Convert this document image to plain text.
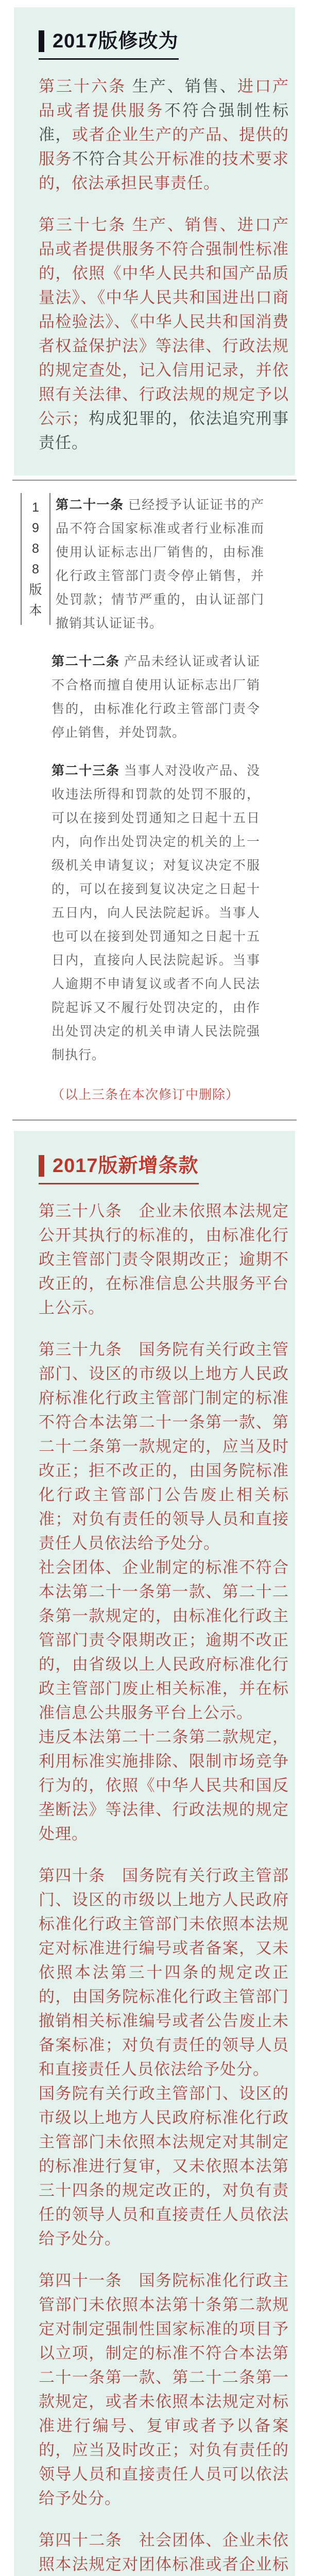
2017版修改为

第三十六条 生产、销售、进口产品或者提供服务不符合强制性标准，或者企业生产的产品、提供的服务不符合其公开标准的技术要求的，依法承担民事责任。

第三十七条 生产、销售、进口产品或者提供服务不符合强制性标准的，依照《中华人民共和国产品质量法》、《中华人民共和国进出口商品检验法》、《中华人民共和国消费者权益保护法》等法律、行政法规的规定查处，记入信用记录，并依照有关法律、行政法规的规定予以公示；构成犯罪的，依法追究刑事责任。

1
9
8
8
版
本

第二十一条 已经授予认证证书的产品不符合国家标准或者行业标准而使用认证标志出厂销售的，由标准化行政主管部门责令停止销售，并处罚款；情节严重的，由认证部门撤销其认证证书。

第二十二条 产品未经认证或者认证不合格而擅自使用认证标志出厂销售的，由标准化行政主管部门责令停止销售，并处罚款。

第二十三条 当事人对没收产品、没收违法所得和罚款的处罚不服的，可以在接到处罚通知之日起十五日内，向作出处罚决定的机关的上一级机关申请复议；对复议决定不服的，可以在接到复议决定之日起十五日内，向人民法院起诉。当事人也可以在接到处罚通知之日起十五日内，直接向人民法院起诉。当事人逾期不申请复议或者不向人民法院起诉又不履行处罚决定的，由作出处罚决定的机关申请人民法院强制执行。

（以上三条在本次修订中删除）

2017版新增条款

第三十八条　企业未依照本法规定公开其执行的标准的，由标准化行政主管部门责令限期改正；逾期不改正的，在标准信息公共服务平台上公示。

第三十九条　国务院有关行政主管部门、设区的市级以上地方人民政府标准化行政主管部门制定的标准不符合本法第二十一条第一款、第二十二条第一款规定的，应当及时改正；拒不改正的，由国务院标准化行政主管部门公告废止相关标准；对负有责任的领导人员和直接责任人员依法给予处分。

社会团体、企业制定的标准不符合本法第二十一条第一款、第二十二条第一款规定的，由标准化行政主管部门责令限期改正；逾期不改正的，由省级以上人民政府标准化行政主管部门废止相关标准，并在标准信息公共服务平台上公示。

违反本法第二十二条第二款规定，利用标准实施排除、限制市场竞争行为的，依照《中华人民共和国反垄断法》等法律、行政法规的规定处理。

第四十条　国务院有关行政主管部门、设区的市级以上地方人民政府标准化行政主管部门未依照本法规定对标准进行编号或者备案，又未依照本法第三十四条的规定改正的，由国务院标准化行政主管部门撤销相关标准编号或者公告废止未备案标准；对负有责任的领导人员和直接责任人员依法给予处分。

国务院有关行政主管部门、设区的市级以上地方人民政府标准化行政主管部门未依照本法规定对其制定的标准进行复审，又未依照本法第三十四条的规定改正的，对负有责任的领导人员和直接责任人员依法给予处分。

第四十一条　国务院标准化行政主管部门未依照本法第十条第二款规定对制定强制性国家标准的项目予以立项，制定的标准不符合本法第二十一条第一款、第二十二条第一款规定，或者未依照本法规定对标准进行编号、复审或者予以备案的，应当及时改正；对负有责任的领导人员和直接责任人员可以依法给予处分。

第四十二条　社会团体、企业未依照本法规定对团体标准或者企业标
